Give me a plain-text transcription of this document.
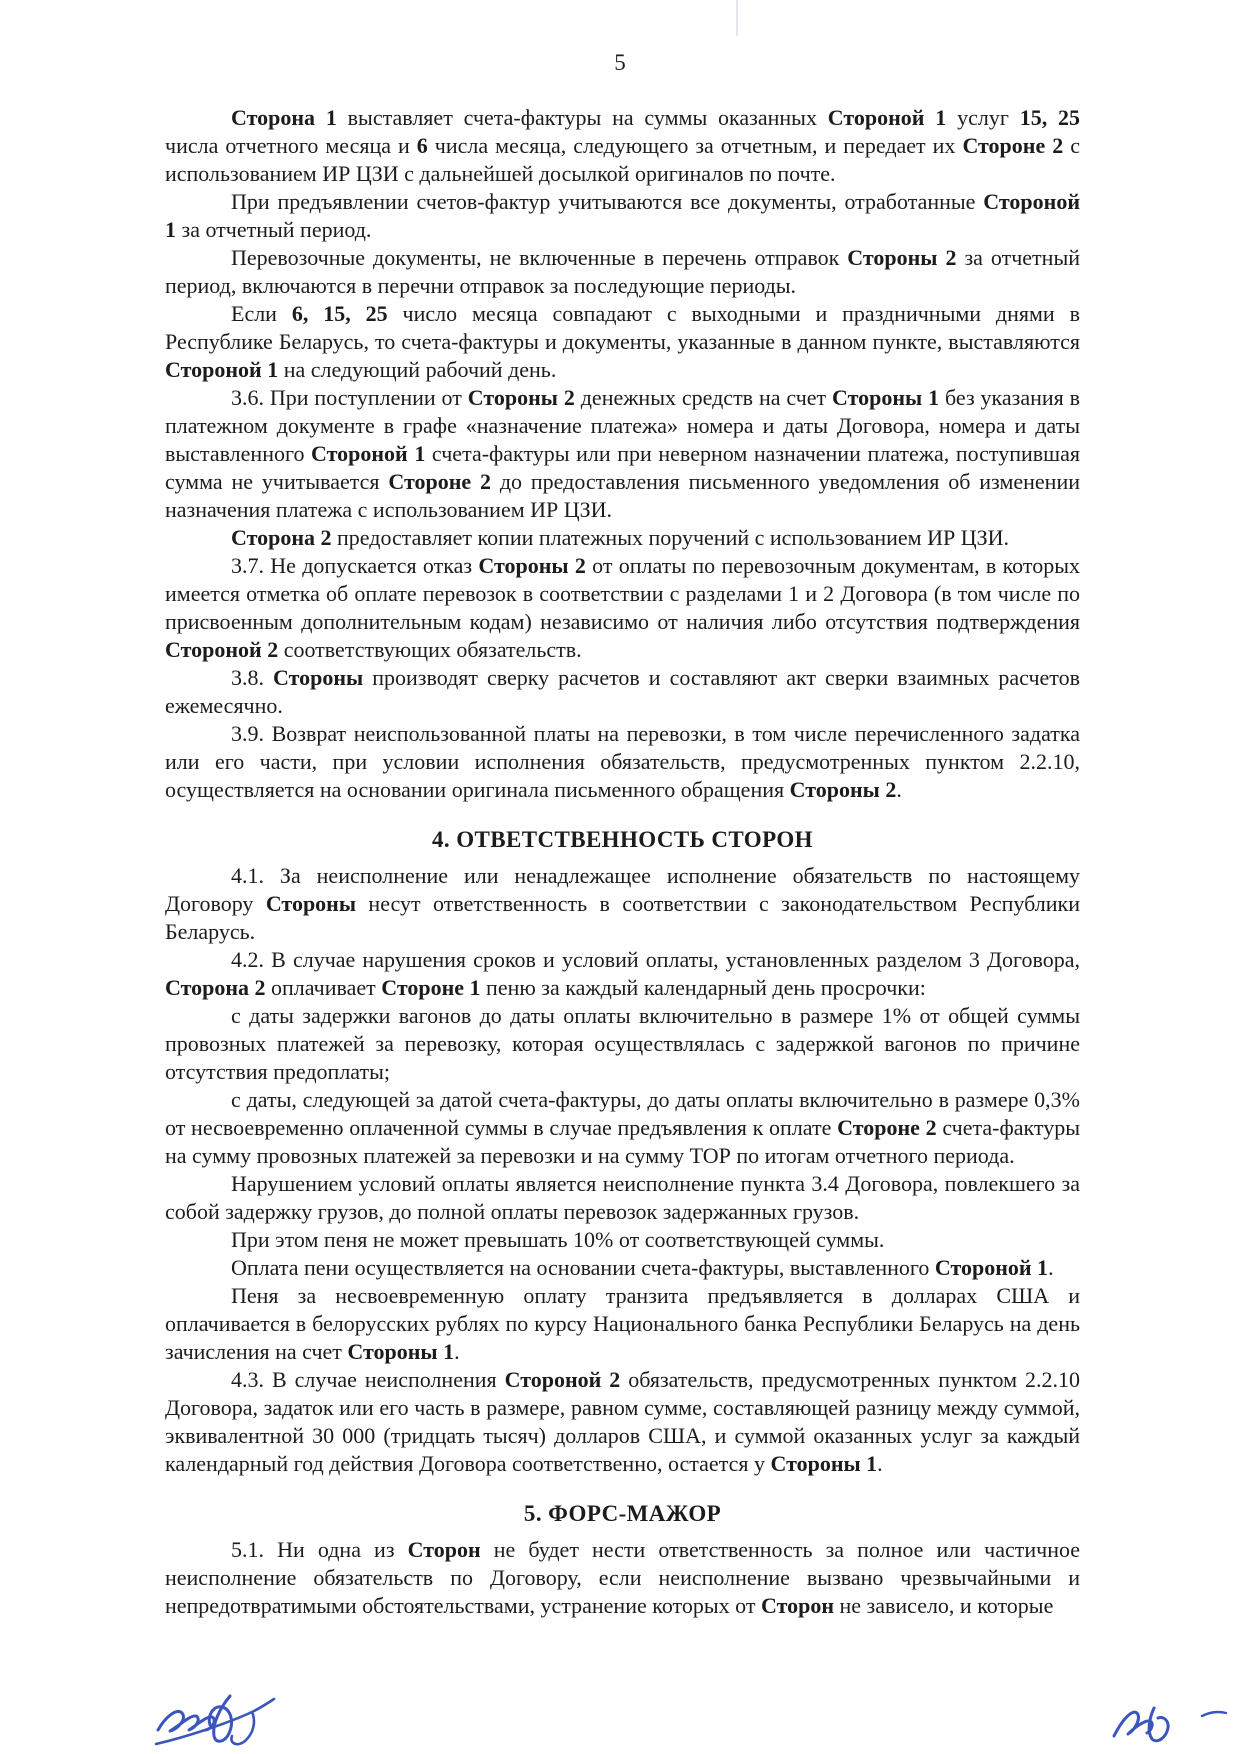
5
Сторона 1 выставляет счета-фактуры на суммы оказанных Стороной 1 услуг 15, 25 числа отчетного месяца и 6 числа месяца, следующего за отчетным, и передает их Стороне 2 с использованием ИР ЦЗИ с дальнейшей досылкой оригиналов по почте.
При предъявлении счетов-фактур учитываются все документы, отработанные Стороной 1 за отчетный период.
Перевозочные документы, не включенные в перечень отправок Стороны 2 за отчетный период, включаются в перечни отправок за последующие периоды.
Если 6, 15, 25 число месяца совпадают с выходными и праздничными днями в Республике Беларусь, то счета-фактуры и документы, указанные в данном пункте, выставляются Стороной 1 на следующий рабочий день.
3.6. При поступлении от Стороны 2 денежных средств на счет Стороны 1 без указания в платежном документе в графе «назначение платежа» номера и даты Договора, номера и даты выставленного Стороной 1 счета-фактуры или при неверном назначении платежа, поступившая сумма не учитывается Стороне 2 до предоставления письменного уведомления об изменении назначения платежа с использованием ИР ЦЗИ.
Сторона 2 предоставляет копии платежных поручений с использованием ИР ЦЗИ.
3.7. Не допускается отказ Стороны 2 от оплаты по перевозочным документам, в которых имеется отметка об оплате перевозок в соответствии с разделами 1 и 2 Договора (в том числе по присвоенным дополнительным кодам) независимо от наличия либо отсутствия подтверждения Стороной 2 соответствующих обязательств.
3.8. Стороны производят сверку расчетов и составляют акт сверки взаимных расчетов ежемесячно.
3.9. Возврат неиспользованной платы на перевозки, в том числе перечисленного задатка или его части, при условии исполнения обязательств, предусмотренных пунктом 2.2.10, осуществляется на основании оригинала письменного обращения Стороны 2.
4. ОТВЕТСТВЕННОСТЬ СТОРОН
4.1. За неисполнение или ненадлежащее исполнение обязательств по настоящему Договору Стороны несут ответственность в соответствии с законодательством Республики Беларусь.
4.2. В случае нарушения сроков и условий оплаты, установленных разделом 3 Договора, Сторона 2 оплачивает Стороне 1 пеню за каждый календарный день просрочки:
с даты задержки вагонов до даты оплаты включительно в размере 1% от общей суммы провозных платежей за перевозку, которая осуществлялась с задержкой вагонов по причине отсутствия предоплаты;
с даты, следующей за датой счета-фактуры, до даты оплаты включительно в размере 0,3% от несвоевременно оплаченной суммы в случае предъявления к оплате Стороне 2 счета-фактуры на сумму провозных платежей за перевозки и на сумму ТОР по итогам отчетного периода.
Нарушением условий оплаты является неисполнение пункта 3.4 Договора, повлекшего за собой задержку грузов, до полной оплаты перевозок задержанных грузов.
При этом пеня не может превышать 10% от соответствующей суммы.
Оплата пени осуществляется на основании счета-фактуры, выставленного Стороной 1.
Пеня за несвоевременную оплату транзита предъявляется в долларах США и оплачивается в белорусских рублях по курсу Национального банка Республики Беларусь на день зачисления на счет Стороны 1.
4.3. В случае неисполнения Стороной 2 обязательств, предусмотренных пунктом 2.2.10 Договора, задаток или его часть в размере, равном сумме, составляющей разницу между суммой, эквивалентной 30 000 (тридцать тысяч) долларов США, и суммой оказанных услуг за каждый календарный год действия Договора соответственно, остается у Стороны 1.
5. ФОРС-МАЖОР
5.1. Ни одна из Сторон не будет нести ответственность за полное или частичное неисполнение обязательств по Договору, если неисполнение вызвано чрезвычайными и непредотвратимыми обстоятельствами, устранение которых от Сторон не зависело, и которые
